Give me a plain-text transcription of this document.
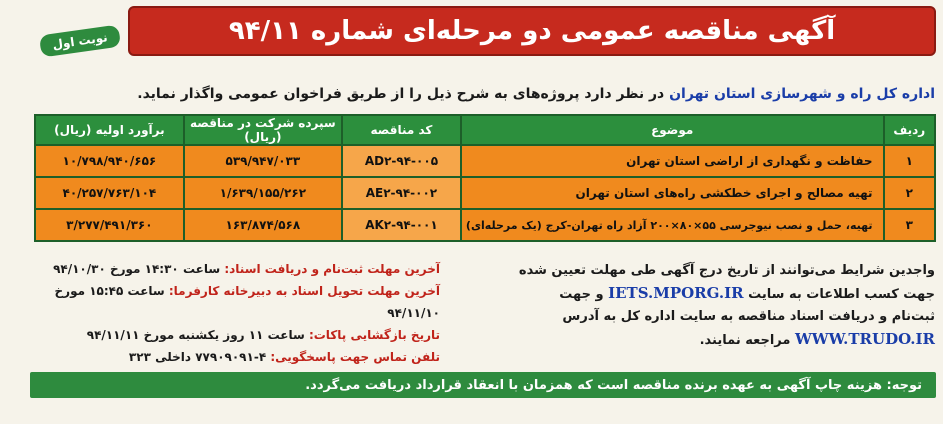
آگهی مناقصه عمومی دو مرحله‌ای شماره ۹۴/۱۱
نوبت اول
اداره کل راه و شهرسازی استان تهران در نظر دارد پروژه‌های به شرح ذیل را از طریق فراخوان عمومی واگذار نماید.
ردیف	موضوع	کد مناقصه	سپرده شرکت در مناقصه (ریال)	برآورد اولیه (ریال)
۱	حفاظت و نگهداری از اراضی استان تهران	AD۲-۹۴-۰۰۵	۵۳۹/۹۴۷/۰۳۳	۱۰/۷۹۸/۹۴۰/۶۵۶
۲	تهیه مصالح و اجرای خطکشی راه‌های استان تهران	AE۲-۹۴-۰۰۲	۱/۶۳۹/۱۵۵/۲۶۲	۴۰/۲۵۷/۷۶۳/۱۰۴
۳	تهیه، حمل و نصب نیوجرسی ۵۵×۸۰×۲۰۰ آزاد راه تهران-کرج (یک مرحله‌ای)	AK۲-۹۴-۰۰۱	۱۶۳/۸۷۴/۵۶۸	۳/۲۷۷/۴۹۱/۳۶۰
واجدین شرایط می‌توانند از تاریخ درج آگهی طی مهلت تعیین شده
جهت کسب اطلاعات به سایت IETS.MPORG.IR و جهت
ثبت‌نام و دریافت اسناد مناقصه به سایت اداره کل به آدرس
WWW.TRUDO.IR مراجعه نمایند.
آخرین مهلت ثبت‌نام و دریافت اسناد: ساعت ۱۴:۳۰ مورخ ۹۴/۱۰/۳۰
آخرین مهلت تحویل اسناد به دبیرخانه کارفرما: ساعت ۱۵:۴۵ مورخ ۹۴/۱۱/۱۰
تاریخ بازگشایی پاکات: ساعت ۱۱ روز یکشنبه مورخ ۹۴/۱۱/۱۱
تلفن تماس جهت پاسخگویی: ۴-۷۷۹۰۹۰۹۱ داخلی ۳۲۳
توجه: هزینه چاپ آگهی به عهده برنده مناقصه است که همزمان با انعقاد قرارداد دریافت می‌گردد.
